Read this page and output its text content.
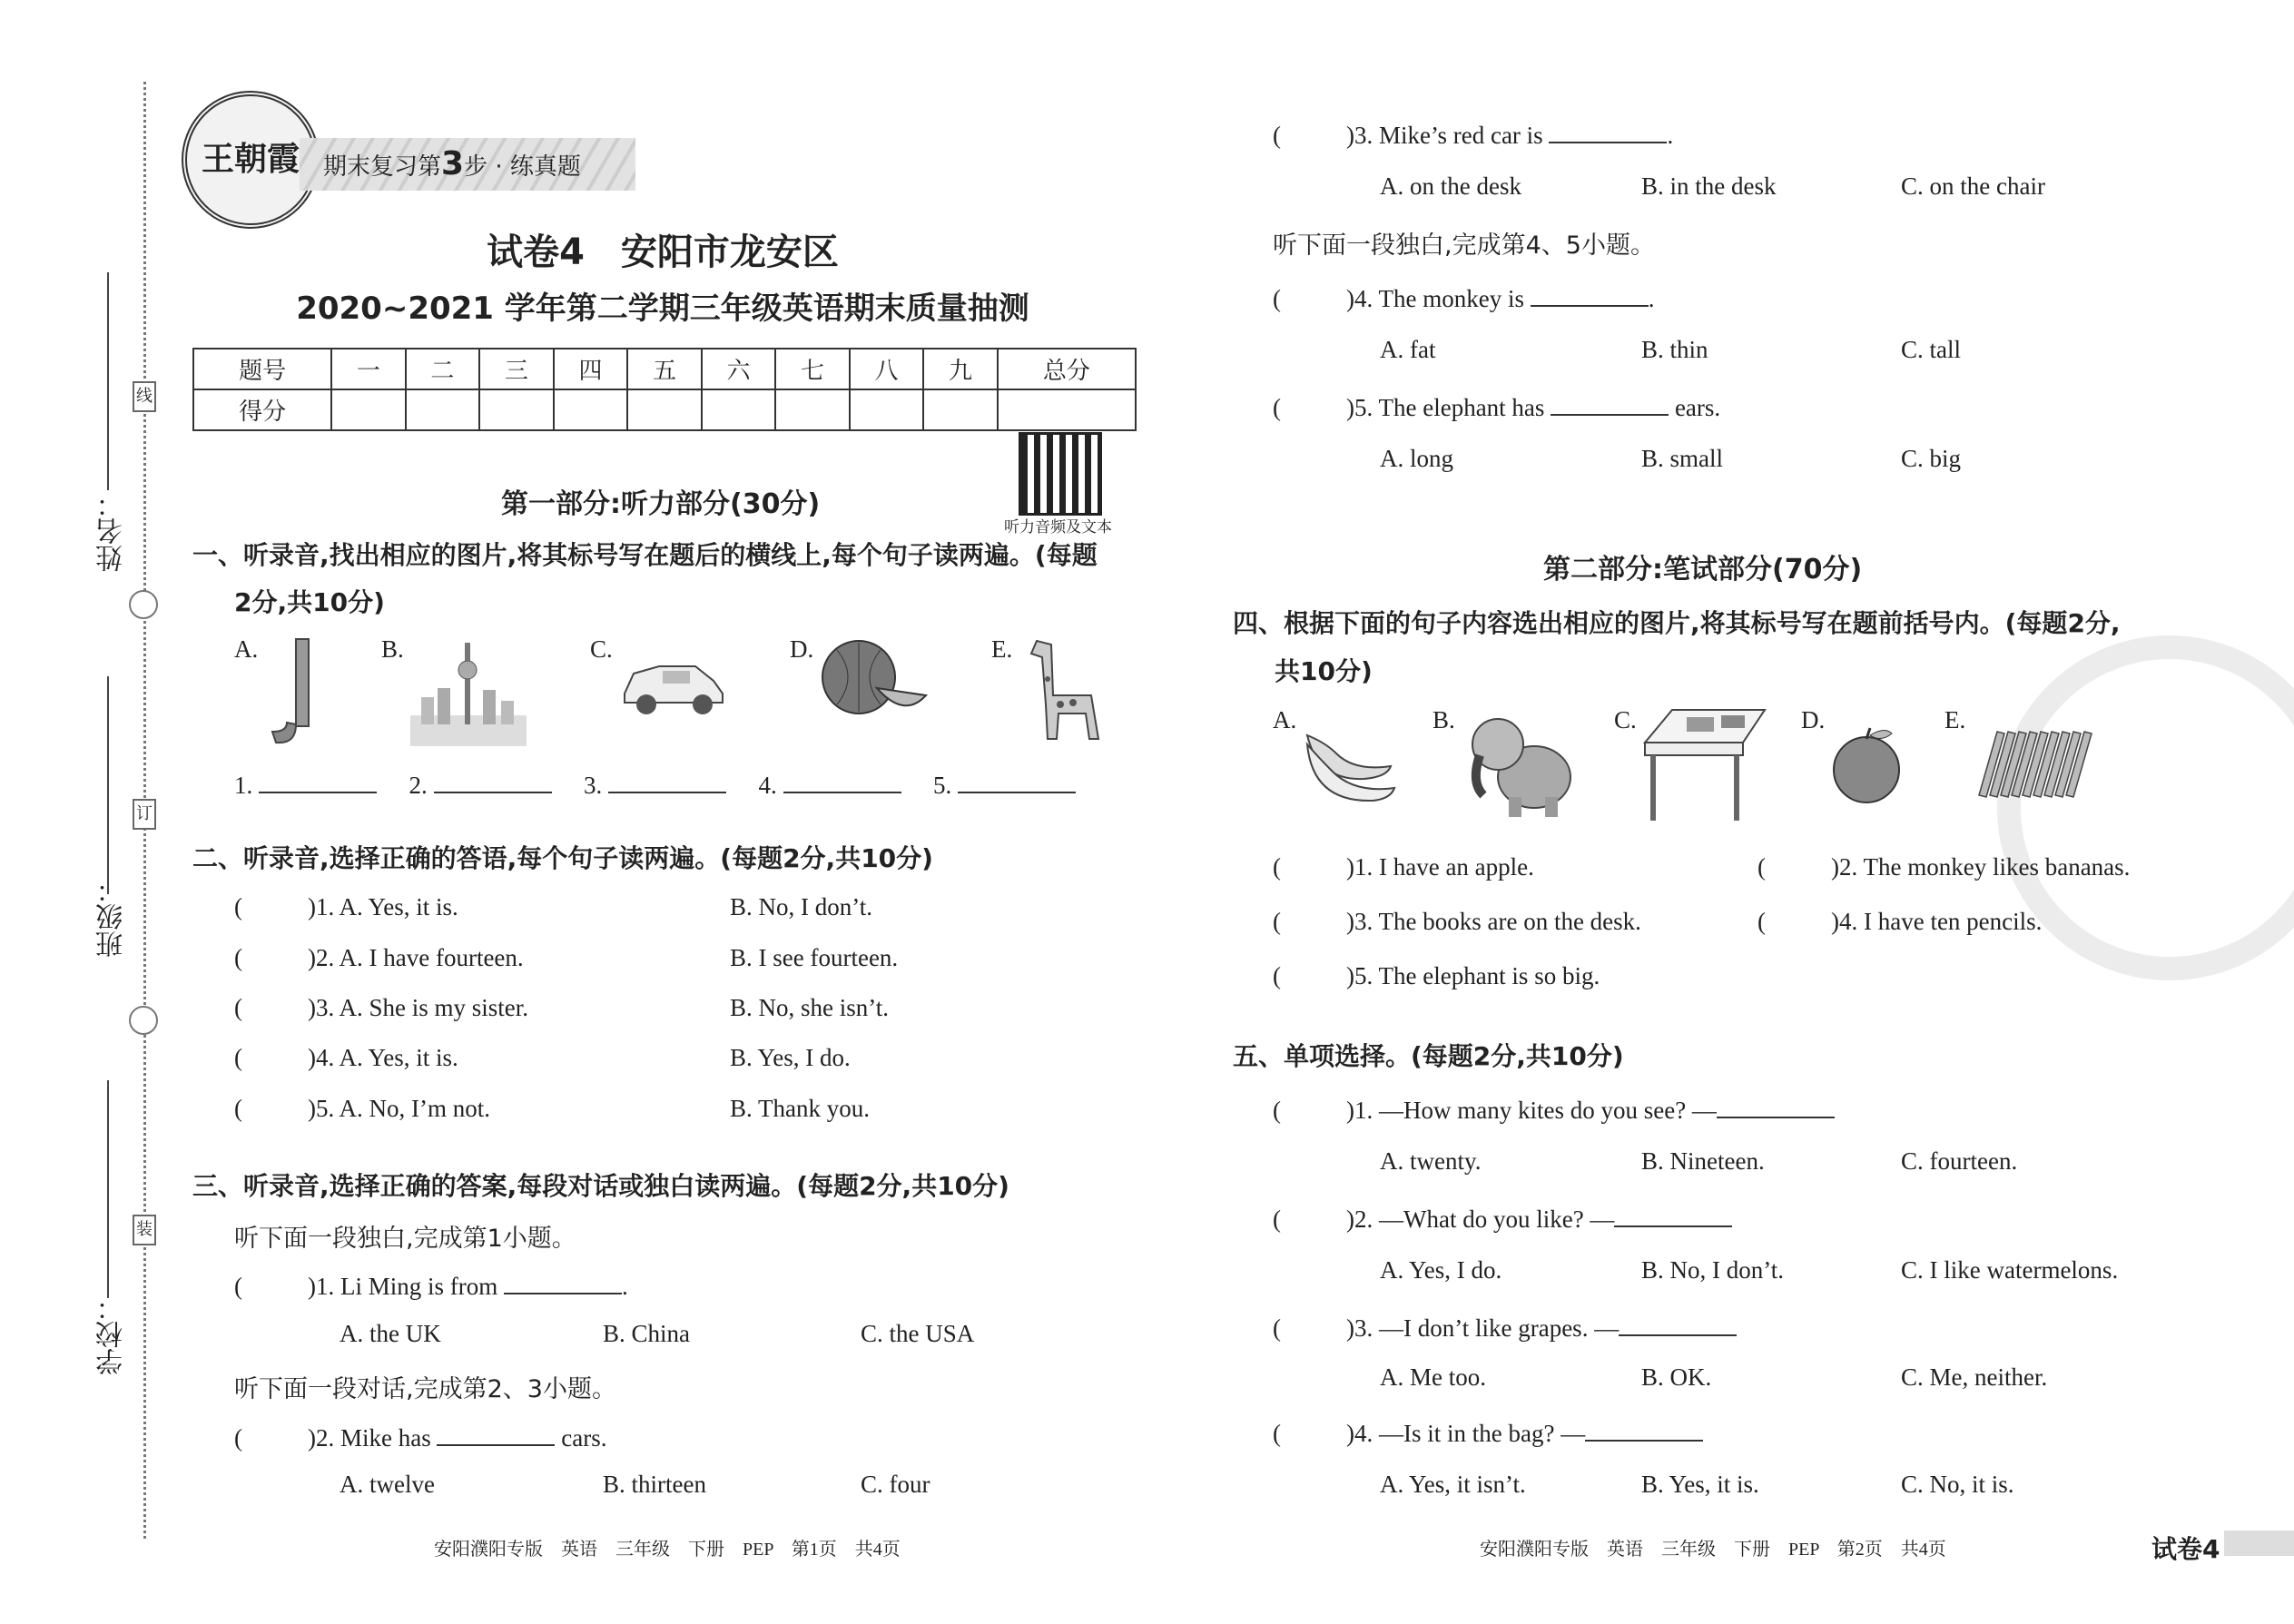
姓名：
班级：
学校：
线
订
装
王朝霞	期末复习第3步 · 练真题
试卷4　安阳市龙安区
2020~2021 学年第二学期三年级英语期末质量抽测
题号	一	二	三	四	五	六	七	八	九	总分
得分										
听力音频及文本
第一部分:听力部分(30分)
一、听录音,找出相应的图片,将其标号写在题后的横线上,每个句子读两遍。(每题
2分,共10分)
A.	B.	C.	D.	E.
1.	2.	3.	4.	5.
二、听录音,选择正确的答语,每个句子读两遍。(每题2分,共10分)
(	)1. A. Yes, it is.	B. No, I don’t.
(	)2. A. I have fourteen.	B. I see fourteen.
(	)3. A. She is my sister.	B. No, she isn’t.
(	)4. A. Yes, it is.	B. Yes, I do.
(	)5. A. No, I’m not.	B. Thank you.
三、听录音,选择正确的答案,每段对话或独白读两遍。(每题2分,共10分)
听下面一段独白,完成第1小题。
(	)1. Li Ming is from	.
A. the UK	B. China	C. the USA
听下面一段对话,完成第2、3小题。
(	)2. Mike has	cars.
A. twelve	B. thirteen	C. four
安阳濮阳专版　英语　三年级　下册　PEP　第1页　共4页
(	)3. Mike’s red car is	.
A. on the desk	B. in the desk	C. on the chair
听下面一段独白,完成第4、5小题。
(	)4. The monkey is	.
A. fat	B. thin	C. tall
(	)5. The elephant has	ears.
A. long	B. small	C. big
第二部分:笔试部分(70分)
四、根据下面的句子内容选出相应的图片,将其标号写在题前括号内。(每题2分,
共10分)
A.	B.	C.	D.	E.
(	)1. I have an apple.	(	)2. The monkey likes bananas.
(	)3. The books are on the desk.	(	)4. I have ten pencils.
(	)5. The elephant is so big.
五、单项选择。(每题2分,共10分)
(	)1. —How many kites do you see? —
A. twenty.	B. Nineteen.	C. fourteen.
(	)2. —What do you like? —
A. Yes, I do.	B. No, I don’t.	C. I like watermelons.
(	)3. —I don’t like grapes. —
A. Me too.	B. OK.	C. Me, neither.
(	)4. —Is it in the bag? —
A. Yes, it isn’t.	B. Yes, it is.	C. No, it is.
安阳濮阳专版　英语　三年级　下册　PEP　第2页　共4页	试卷4
